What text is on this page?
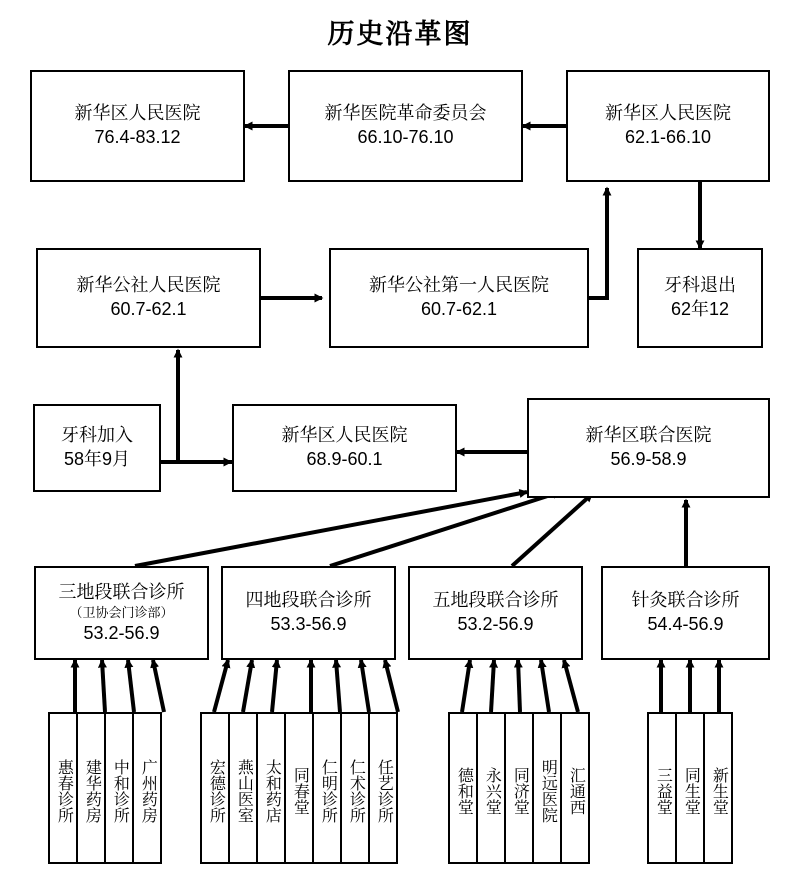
历史沿革图
新华区人民医院
76.4-83.12
新华医院革命委员会
66.10-76.10
新华区人民医院
62.1-66.10
新华公社人民医院
60.7-62.1
新华公社第一人民医院
60.7-62.1
牙科退出
62年12
牙科加入
58年9月
新华区人民医院
68.9-60.1
新华区联合医院
56.9-58.9
三地段联合诊所
（卫协会门诊部）
53.2-56.9
四地段联合诊所
53.3-56.9
五地段联合诊所
53.2-56.9
针灸联合诊所
54.4-56.9
惠春诊所 建华药房 中和诊所 广州药房	宏德诊所 燕山医室 太和药店 同春堂 仁明诊所 仁术诊所 任艺诊所	德和堂 永兴堂 同济堂 明远医院 汇通西	三益堂 同生堂 新生堂
